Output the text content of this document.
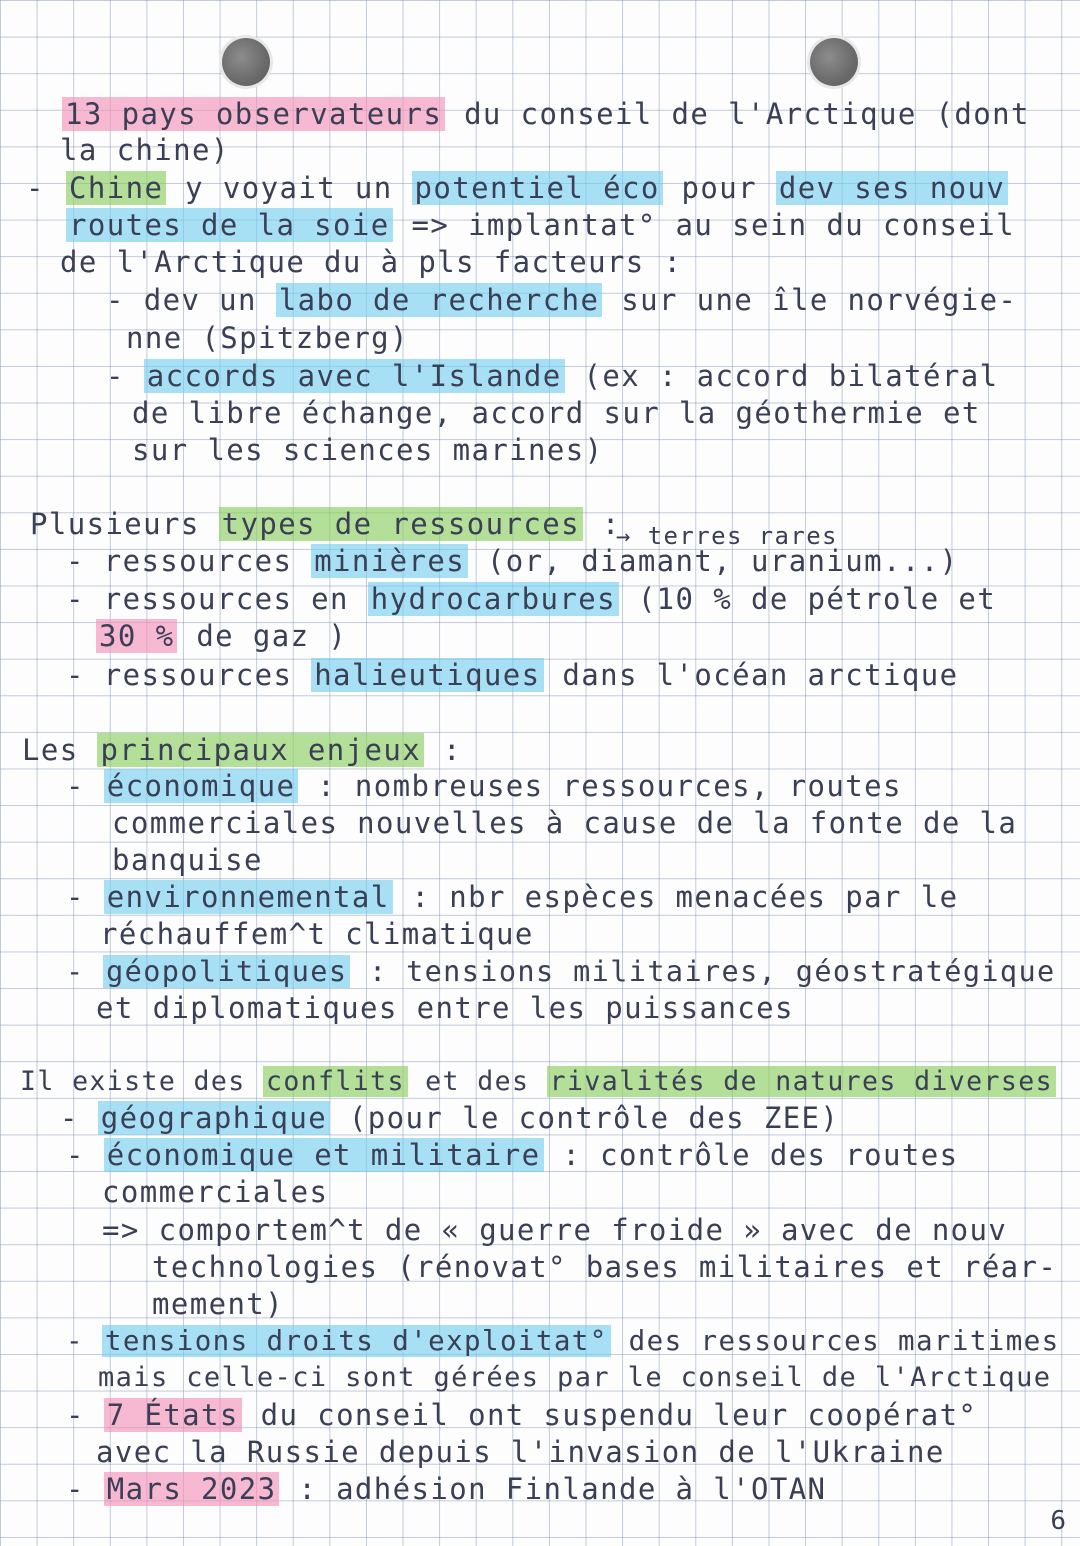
13 pays observateurs du conseil de l'Arctique (dont
la chine)
- Chine y voyait un potentiel éco pour dev ses nouv
routes de la soie => implantat° au sein du conseil
de l'Arctique du à pls facteurs :
- dev un labo de recherche sur une île norvégie-
nne (Spitzberg)
- accords avec l'Islande (ex : accord bilatéral
de libre échange, accord sur la géothermie et
sur les sciences marines)
Plusieurs types de ressources :
→ terres rares
- ressources minières (or, diamant, uranium...)
- ressources en hydrocarbures (10 % de pétrole et
30 % de gaz )
- ressources halieutiques dans l'océan arctique
Les principaux enjeux :
- économique : nombreuses ressources, routes
commerciales nouvelles à cause de la fonte de la
banquise
- environnemental : nbr espèces menacées par le
réchauffem^t climatique
- géopolitiques : tensions militaires, géostratégique
et diplomatiques entre les puissances
Il existe des conflits et des rivalités de natures diverses
- géographique (pour le contrôle des ZEE)
- économique et militaire : contrôle des routes
commerciales
=> comportem^t de « guerre froide » avec de nouv
technologies (rénovat° bases militaires et réar-
mement)
- tensions droits d'exploitat° des ressources maritimes
mais celle-ci sont gérées par le conseil de l'Arctique
- 7 États du conseil ont suspendu leur coopérat°
avec la Russie depuis l'invasion de l'Ukraine
- Mars 2023 : adhésion Finlande à l'OTAN
6
